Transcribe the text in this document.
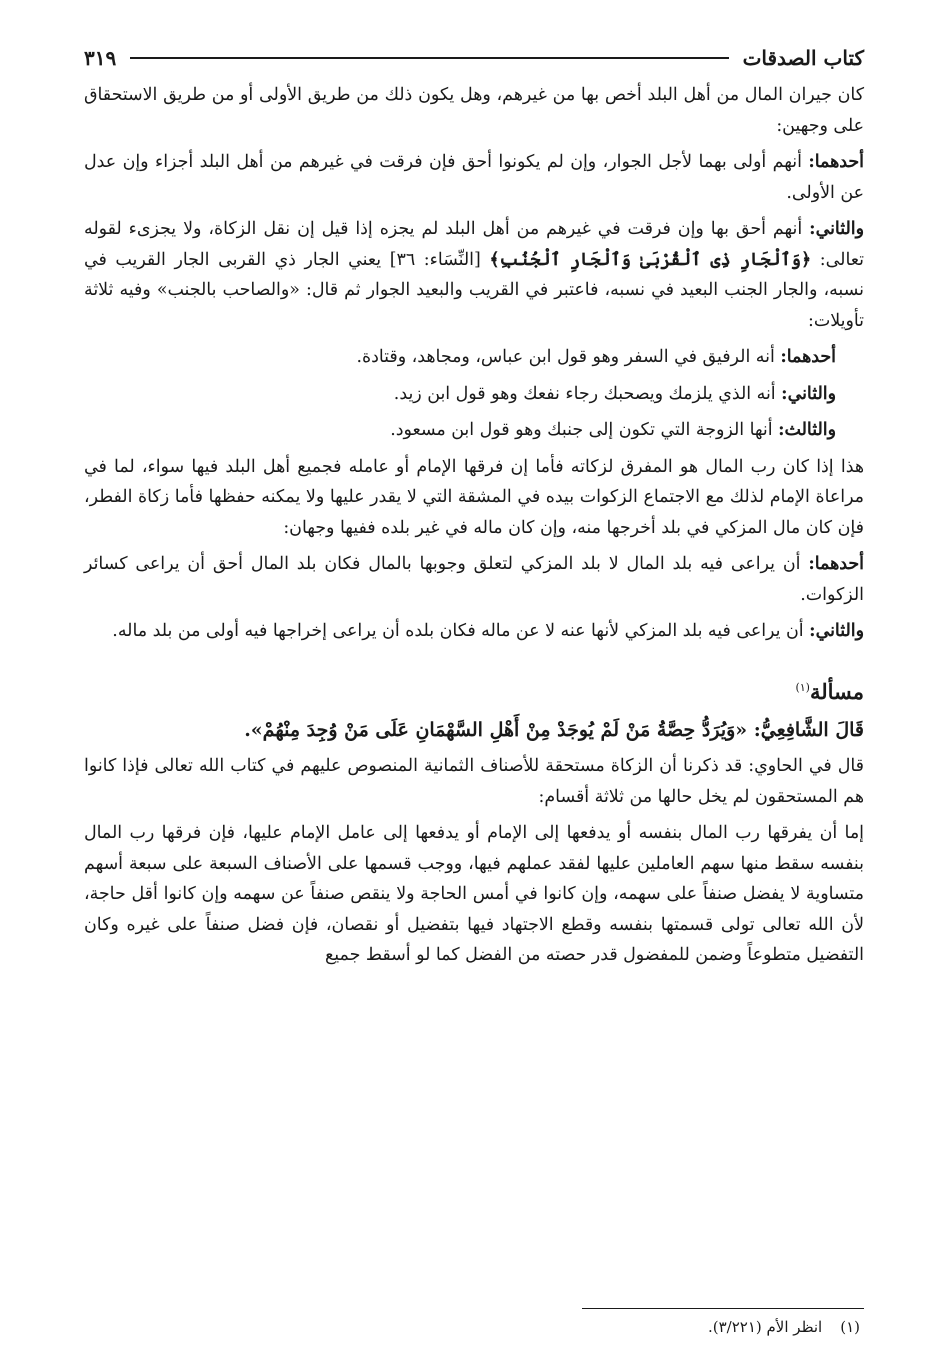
كتاب الصدقات
٣١٩

كان جيران المال من أهل البلد أخص بها من غيرهم، وهل يكون ذلك من طريق الأولى أو من طريق الاستحقاق على وجهين:

أحدهما: أنهم أولى بهما لأجل الجوار، وإن لم يكونوا أحق فإن فرقت في غيرهم من أهل البلد أجزاء وإن عدل عن الأولى.

والثاني: أنهم أحق بها وإن فرقت في غيرهم من أهل البلد لم يجزه إذا قيل إن نقل الزكاة، ولا يجزىء لقوله تعالى: ﴿وَٱلْجَارِ ذِى ٱلْقُرْبَىٰ وَٱلْجَارِ ٱلْجُنُبِ﴾ [النِّسَاء: ٣٦] يعني الجار ذي القربى الجار القريب في نسبه، والجار الجنب البعيد في نسبه، فاعتبر في القريب والبعيد الجوار ثم قال: «والصاحب بالجنب» وفيه ثلاثة تأويلات:

أحدهما: أنه الرفيق في السفر وهو قول ابن عباس، ومجاهد، وقتادة.

والثاني: أنه الذي يلزمك ويصحبك رجاء نفعك وهو قول ابن زيد.

والثالث: أنها الزوجة التي تكون إلى جنبك وهو قول ابن مسعود.

هذا إذا كان رب المال هو المفرق لزكاته فأما إن فرقها الإمام أو عامله فجميع أهل البلد فيها سواء، لما في مراعاة الإمام لذلك مع الاجتماع الزكوات بيده في المشقة التي لا يقدر عليها ولا يمكنه حفظها فأما زكاة الفطر، فإن كان مال المزكي في بلد أخرجها منه، وإن كان ماله في غير بلده ففيها وجهان:

أحدهما: أن يراعى فيه بلد المال لا بلد المزكي لتعلق وجوبها بالمال فكان بلد المال أحق أن يراعى كسائر الزكوات.

والثاني: أن يراعى فيه بلد المزكي لأنها عنه لا عن ماله فكان بلده أن يراعى إخراجها فيه أولى من بلد ماله.

مسألة$^{(١)}$

قَالَ الشَّافِعِيُّ: «وَيُرَدُّ حِصَّةُ مَنْ لَمْ يُوجَدْ مِنْ أَهْلِ السَّهْمَانِ عَلَى مَنْ وُجِدَ مِنْهُمْ».

قال في الحاوي: قد ذكرنا أن الزكاة مستحقة للأصناف الثمانية المنصوص عليهم في كتاب الله تعالى فإذا كانوا هم المستحقون لم يخل حالها من ثلاثة أقسام:

إما أن يفرقها رب المال بنفسه أو يدفعها إلى الإمام أو يدفعها إلى عامل الإمام عليها، فإن فرقها رب المال بنفسه سقط منها سهم العاملين عليها لفقد عملهم فيها، ووجب قسمها على الأصناف السبعة على سبعة أسهم متساوية لا يفضل صنفاً على سهمه، وإن كانوا في أمس الحاجة ولا ينقص صنفاً عن سهمه وإن كانوا أقل حاجة، لأن الله تعالى تولى قسمتها بنفسه وقطع الاجتهاد فيها بتفضيل أو نقصان، فإن فضل صنفاً على غيره وكان التفضيل متطوعاً وضمن للمفضول قدر حصته من الفضل كما لو أسقط جميع

(١)انظر الأم (٣/٢٢١).
